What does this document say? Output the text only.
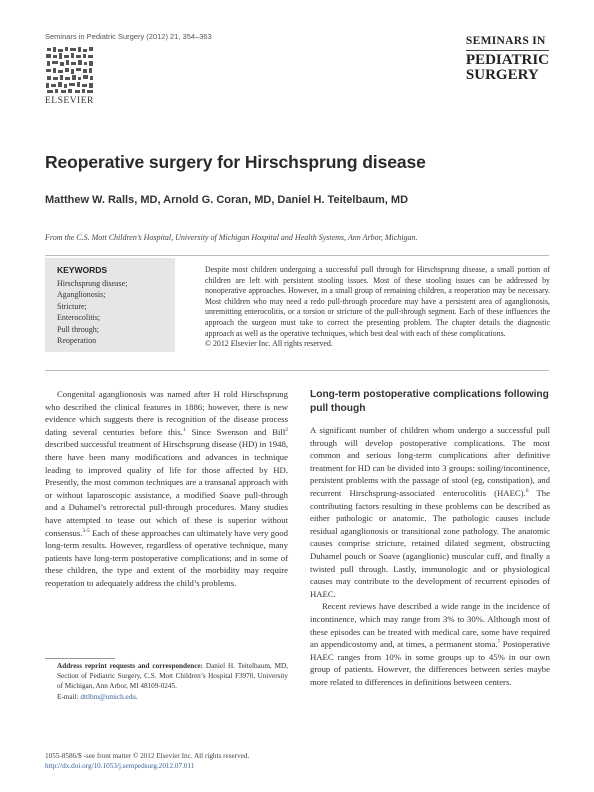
Seminars in Pediatric Surgery (2012) 21, 354–363
ELSEVIER
SEMINARS IN
PEDIATRIC
SURGERY
Reoperative surgery for Hirschsprung disease
Matthew W. Ralls, MD, Arnold G. Coran, MD, Daniel H. Teitelbaum, MD
From the C.S. Mott Children’s Hospital, University of Michigan Hospital and Health Systems, Ann Arbor, Michigan.
KEYWORDS
Hirschsprung disease;
Aganglionosis;
Stricture;
Enterocolitis;
Pull through;
Reoperation
Despite most children undergoing a successful pull through for Hirschsprung disease, a small portion of children are left with persistent stooling issues. Most of these stooling issues can be addressed by nonoperative approaches. However, in a small group of remaining children, a reoperation may be necessary. Most children who may need a redo pull-through procedure may have a persistent area of aganglionosis, unremitting enterocolitis, or a torsion or stricture of the pull-through segment. Each of these influences the approach the surgeon must take to correct the presenting problem. The chapter details the diagnostic approach as well as the operative techniques, which best deal with each of these complications.
© 2012 Elsevier Inc. All rights reserved.

Congenital aganglionosis was named after H rold Hirschsprung who described the clinical features in 1886; however, there is new evidence which suggests there is recognition of the disease process dating several centuries before this.$^1$ Since Swenson and Bill$^2$ described successful treatment of Hirschsprung disease (HD) in 1948, there have been many modifications and advances in technique leading to improved quality of life for those affected by HD. Presently, the most common techniques are a transanal approach with or without laparoscopic assistance, a modified Soave pull-through and a Duhamel’s retrorectal pull-through procedures. Many studies have attempted to tease out which of these is superior without consensus.$^{3-5}$ Each of these approaches can ultimately have very good long-term results. However, regardless of operative technique, many patients have long-term postoperative complications; and in some of these children, the type and extent of the morbidity may require reoperation to adequately address the child’s problems.

Long-term postoperative complications following pull though

A significant number of children whom undergo a successful pull through will develop postoperative complications. The most common and serious long-term complications after definitive treatment for HD can be divided into 3 groups: soiling/incontinence, persistent problems with the passage of stool (eg, constipation), and recurrent Hirschsprung-associated enterocolitis (HAEC).$^6$ The contributing factors resulting in these problems can be described as either pathologic or anatomic. The pathologic causes include residual aganglionosis or transitional zone pathology. The anatomic causes comprise stricture, retained dilated segment, obstructing Duhamel pouch or Soave (aganglionic) muscular cuff, and finally a twisted pull through. Lastly, immunologic and or physiological causes may contribute to the development of recurrent episodes of HAEC.

Recent reviews have described a wide range in the incidence of incontinence, which may range from 3% to 30%. Although most of these episodes can be treated with medical care, some have required an appendicostomy and, at times, a permanent stoma.$^7$ Postoperative HAEC ranges from 10% in some groups up to 45% in our own group of patients. However, the differences between series maybe more related to differences in definitions between centers.

Address reprint requests and correspondence: Daniel H. Teitelbaum, MD, Section of Pediatric Surgery, C.S. Mott Children’s Hospital F3970, University of Michigan, Ann Arbor, MI 48109-0245.
E-mail: dttlbm@umich.edu.
1055-8586/$ -see front matter © 2012 Elsevier Inc. All rights reserved.
http://dx.doi.org/10.1053/j.sempedsurg.2012.07.011
